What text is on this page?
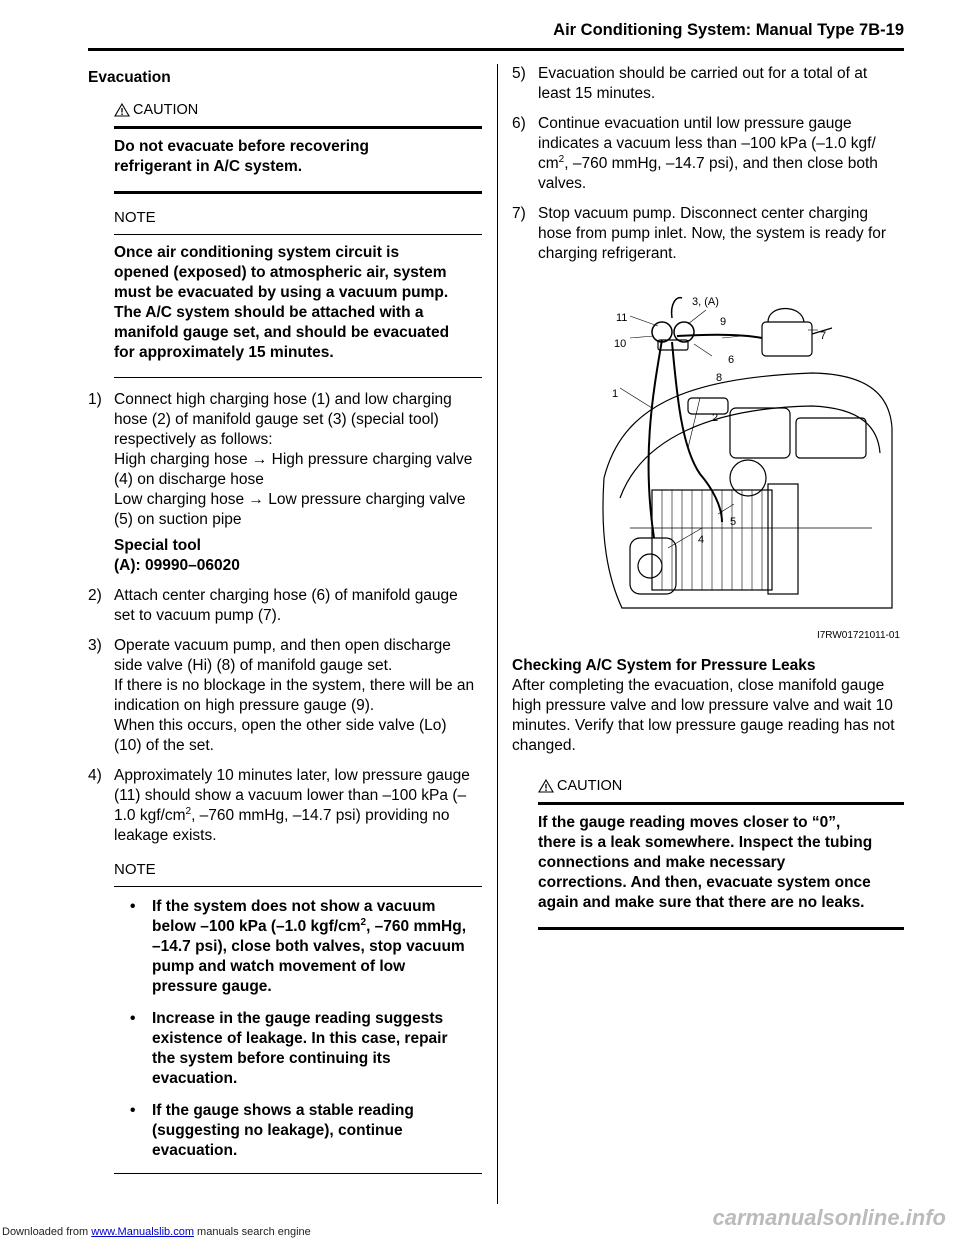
Air Conditioning System: Manual Type 7B-19
Evacuation
CAUTION

Do not evacuate before recovering

refrigerant in A/C system.

NOTE

Once air conditioning system circuit is

opened (exposed) to atmospheric air, system

must be evacuated by using a vacuum pump.

The A/C system should be attached with a

manifold gauge set, and should be evacuated

for approximately 15 minutes.

1) Connect high charging hose (1) and low charging

hose (2) of manifold gauge set (3) (special tool)

respectively as follows:

High charging hose → High pressure charging valve

(4) on discharge hose

Low charging hose → Low pressure charging valve

(5) on suction pipe

Special tool

(A): 09990–06020

2) Attach center charging hose (6) of manifold gauge

set to vacuum pump (7).

3) Operate vacuum pump, and then open discharge

side valve (Hi) (8) of manifold gauge set.

If there is no blockage in the system, there will be an

indication on high pressure gauge (9).

When this occurs, open the other side valve (Lo)

(10) of the set.

4) Approximately 10 minutes later, low pressure gauge

(11) should show a vacuum lower than –100 kPa (–

1.0 kgf/$cm^2$, –760 mmHg, –14.7 psi) providing no

leakage exists.

NOTE
• If the system does not show a vacuum
below –100 kPa (–1.0 kgf/$cm^2$, –760 mmHg,
–14.7 psi), close both valves, stop vacuum
pump and watch movement of low
pressure gauge.
• Increase in the gauge reading suggests
existence of leakage. In this case, repair
the system before continuing its
evacuation.
• If the gauge shows a stable reading
(suggesting no leakage), continue
evacuation.
5) Evacuation should be carried out for a total of at

least 15 minutes.

6) Continue evacuation until low pressure gauge

indicates a vacuum less than –100 kPa (–1.0 kgf/

$cm^2$, –760 mmHg, –14.7 psi), and then close both

valves.

7) Stop vacuum pump. Disconnect center charging

hose from pump inlet. Now, the system is ready for

charging refrigerant.

3, (A)
9
11
7
10
6
8
1
2
5
4
I7RW01721011-01
Checking A/C System for Pressure Leaks
After completing the evacuation, close manifold gauge
high pressure valve and low pressure valve and wait 10
minutes. Verify that low pressure gauge reading has not
changed.
CAUTION

If the gauge reading moves closer to “0”,

there is a leak somewhere. Inspect the tubing

connections and make necessary

corrections. And then, evacuate system once

again and make sure that there are no leaks.

Downloaded from www.Manualslib.com manuals search engine
carmanualsonline.info
